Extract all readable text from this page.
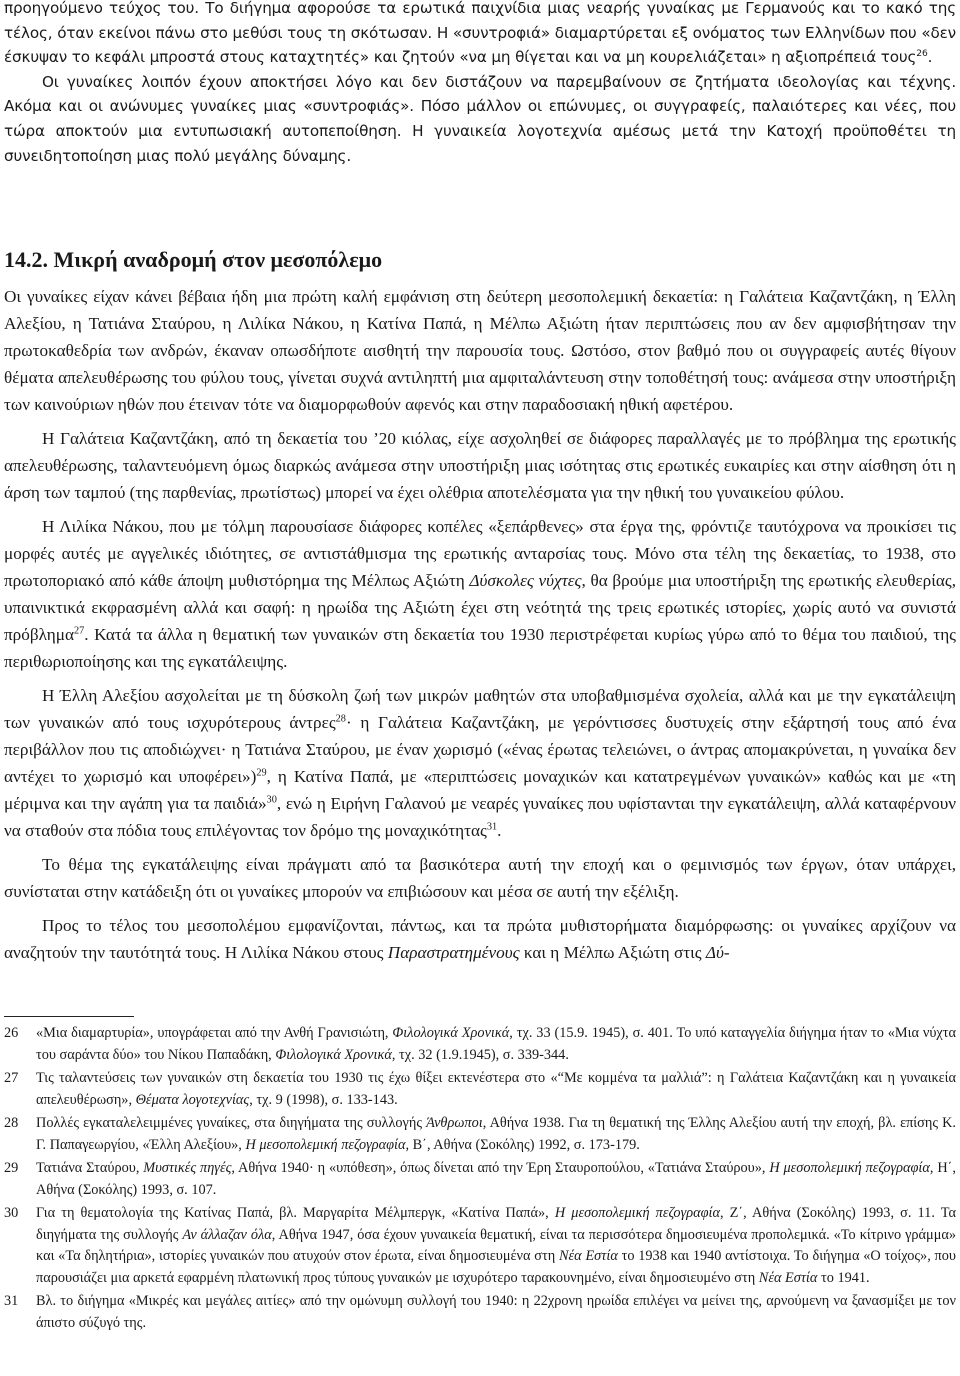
προηγούμενο τεύχος του. Το διήγημα αφορούσε τα ερωτικά παιχνίδια μιας νεαρής γυναίκας με Γερμανούς και το κακό της τέλος, όταν εκείνοι πάνω στο μεθύσι τους τη σκότωσαν. Η «συντροφιά» διαμαρτύρεται εξ ονόματος των Ελληνίδων που «δεν έσκυψαν το κεφάλι μπροστά στους καταχτητές» και ζητούν «να μη θίγεται και να μη κουρελιάζεται» η αξιοπρέπειά τους$^{26}$.

Οι γυναίκες λοιπόν έχουν αποκτήσει λόγο και δεν διστάζουν να παρεμβαίνουν σε ζητήματα ιδεολογίας και τέχνης. Ακόμα και οι ανώνυμες γυναίκες μιας «συντροφιάς». Πόσο μάλλον οι επώνυμες, οι συγγραφείς, παλαιότερες και νέες, που τώρα αποκτούν μια εντυπωσιακή αυτοπεποίθηση. Η γυναικεία λογοτεχνία αμέσως μετά την Κατοχή προϋποθέτει τη συνειδητοποίηση μιας πολύ μεγάλης δύναμης.

14.2. Μικρή αναδρομή στον μεσοπόλεμο

Οι γυναίκες είχαν κάνει βέβαια ήδη μια πρώτη καλή εμφάνιση στη δεύτερη μεσοπολεμική δεκαετία: η Γαλάτεια Καζαντζάκη, η Έλλη Αλεξίου, η Τατιάνα Σταύρου, η Λιλίκα Νάκου, η Κατίνα Παπά, η Μέλπω Αξιώτη ήταν περιπτώσεις που αν δεν αμφισβήτησαν την πρωτοκαθεδρία των ανδρών, έκαναν οπωσδήποτε αισθητή την παρουσία τους. Ωστόσο, στον βαθμό που οι συγγραφείς αυτές θίγουν θέματα απελευθέρωσης του φύλου τους, γίνεται συχνά αντιληπτή μια αμφιταλάντευση στην τοποθέτησή τους: ανάμεσα στην υποστήριξη των καινούριων ηθών που έτειναν τότε να διαμορφωθούν αφενός και στην παραδοσιακή ηθική αφετέρου.

Η Γαλάτεια Καζαντζάκη, από τη δεκαετία του ’20 κιόλας, είχε ασχοληθεί σε διάφορες παραλλαγές με το πρόβλημα της ερωτικής απελευθέρωσης, ταλαντευόμενη όμως διαρκώς ανάμεσα στην υποστήριξη μιας ισότητας στις ερωτικές ευκαιρίες και στην αίσθηση ότι η άρση των ταμπού (της παρθενίας, πρωτίστως) μπορεί να έχει ολέθρια αποτελέσματα για την ηθική του γυναικείου φύλου.

Η Λιλίκα Νάκου, που με τόλμη παρουσίασε διάφορες κοπέλες «ξεπάρθενες» στα έργα της, φρόντιζε ταυτόχρονα να προικίσει τις μορφές αυτές με αγγελικές ιδιότητες, σε αντιστάθμισμα της ερωτικής ανταρσίας τους. Μόνο στα τέλη της δεκαετίας, το 1938, στο πρωτοποριακό από κάθε άποψη μυθιστόρημα της Μέλπως Αξιώτη Δύσκολες νύχτες, θα βρούμε μια υποστήριξη της ερωτικής ελευθερίας, υπαινικτικά εκφρασμένη αλλά και σαφή: η ηρωίδα της Αξιώτη έχει στη νεότητά της τρεις ερωτικές ιστορίες, χωρίς αυτό να συνιστά πρόβλημα$^{27}$. Κατά τα άλλα η θεματική των γυναικών στη δεκαετία του 1930 περιστρέφεται κυρίως γύρω από το θέμα του παιδιού, της περιθωριοποίησης και της εγκατάλειψης.

Η Έλλη Αλεξίου ασχολείται με τη δύσκολη ζωή των μικρών μαθητών στα υποβαθμισμένα σχολεία, αλλά και με την εγκατάλειψη των γυναικών από τους ισχυρότερους άντρες$^{28}$· η Γαλάτεια Καζαντζάκη, με γερόντισσες δυστυχείς στην εξάρτησή τους από ένα περιβάλλον που τις αποδιώχνει· η Τατιάνα Σταύρου, με έναν χωρισμό («ένας έρωτας τελειώνει, ο άντρας απομακρύνεται, η γυναίκα δεν αντέχει το χωρισμό και υποφέρει»)$^{29}$, η Κατίνα Παπά, με «περιπτώσεις μοναχικών και κατατρεγμένων γυναικών» καθώς και με «τη μέριμνα και την αγάπη για τα παιδιά»$^{30}$, ενώ η Ειρήνη Γαλανού με νεαρές γυναίκες που υφίστανται την εγκατάλειψη, αλλά καταφέρνουν να σταθούν στα πόδια τους επιλέγοντας τον δρόμο της μοναχικότητας$^{31}$.

Το θέμα της εγκατάλειψης είναι πράγματι από τα βασικότερα αυτή την εποχή και ο φεμινισμός των έργων, όταν υπάρχει, συνίσταται στην κατάδειξη ότι οι γυναίκες μπορούν να επιβιώσουν και μέσα σε αυτή την εξέλιξη.

Προς το τέλος του μεσοπολέμου εμφανίζονται, πάντως, και τα πρώτα μυθιστορήματα διαμόρφωσης: οι γυναίκες αρχίζουν να αναζητούν την ταυτότητά τους. Η Λιλίκα Νάκου στους Παραστρατημένους και η Μέλπω Αξιώτη στις Δύ-

26 «Μια διαμαρτυρία», υπογράφεται από την Ανθή Γρανισιώτη, Φιλολογικά Χρονικά, τχ. 33 (15.9. 1945), σ. 401. Το υπό καταγγελία διήγημα ήταν το «Μια νύχτα του σαράντα δύο» του Νίκου Παπαδάκη, Φιλολογικά Χρονικά, τχ. 32 (1.9.1945), σ. 339-344.
27 Τις ταλαντεύσεις των γυναικών στη δεκαετία του 1930 τις έχω θίξει εκτενέστερα στο «“Με κομμένα τα μαλλιά”: η Γαλάτεια Καζαντζάκη και η γυναικεία απελευθέρωση», Θέματα λογοτεχνίας, τχ. 9 (1998), σ. 133-143.
28 Πολλές εγκαταλελειμμένες γυναίκες, στα διηγήματα της συλλογής Άνθρωποι, Αθήνα 1938. Για τη θεματική της Έλλης Αλεξίου αυτή την εποχή, βλ. επίσης Κ. Γ. Παπαγεωργίου, «Έλλη Αλεξίου», Η μεσοπολεμική πεζογραφία, Β΄, Αθήνα (Σοκόλης) 1992, σ. 173-179.
29 Τατιάνα Σταύρου, Μυστικές πηγές, Αθήνα 1940· η «υπόθεση», όπως δίνεται από την Έρη Σταυροπούλου, «Τατιάνα Σταύρου», Η μεσοπολεμική πεζογραφία, Η΄, Αθήνα (Σοκόλης) 1993, σ. 107.
30 Για τη θεματολογία της Κατίνας Παπά, βλ. Μαργαρίτα Μέλμπεργκ, «Κατίνα Παπά», Η μεσοπολεμική πεζογραφία, Ζ΄, Αθήνα (Σοκόλης) 1993, σ. 11. Τα διηγήματα της συλλογής Αν άλλαζαν όλα, Αθήνα 1947, όσα έχουν γυναικεία θεματική, είναι τα περισσότερα δημοσιευμένα προπολεμικά. «Το κίτρινο γράμμα» και «Τα δηλητήρια», ιστορίες γυναικών που ατυχούν στον έρωτα, είναι δημοσιευμένα στη Νέα Εστία το 1938 και 1940 αντίστοιχα. Το διήγημα «Ο τοίχος», που παρουσιάζει μια αρκετά εφαρμένη πλατωνική προς τύπους γυναικών με ισχυρότερο ταρακουνημένο, είναι δημοσιευμένο στη Νέα Εστία το 1941.
31 Βλ. το διήγημα «Μικρές και μεγάλες αιτίες» από την ομώνυμη συλλογή του 1940: η 22χρονη ηρωίδα επιλέγει να μείνει της, αρνούμενη να ξανασμίξει με τον άπιστο σύζυγό της.
